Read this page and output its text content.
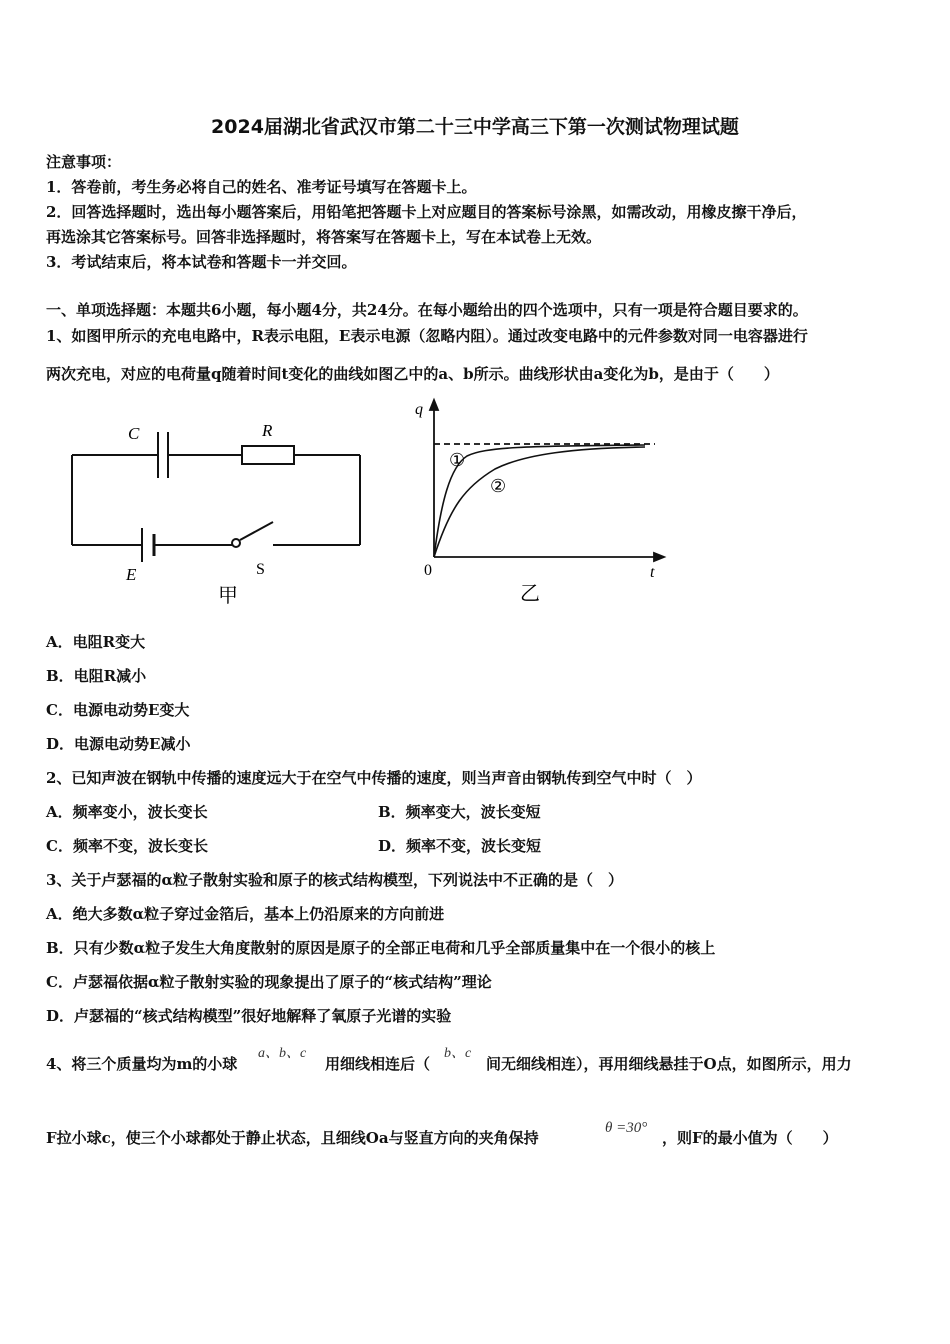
2024届湖北省武汉市第二十三中学高三下第一次测试物理试题
注意事项：
1．答卷前，考生务必将自己的姓名、准考证号填写在答题卡上。
2．回答选择题时，选出每小题答案后，用铅笔把答题卡上对应题目的答案标号涂黑，如需改动，用橡皮擦干净后，
再选涂其它答案标号。回答非选择题时，将答案写在答题卡上，写在本试卷上无效。
3．考试结束后，将本试卷和答题卡一并交回。
一、单项选择题：本题共6小题，每小题4分，共24分。在每小题给出的四个选项中，只有一项是符合题目要求的。
1、如图甲所示的充电电路中，R表示电阻，E表示电源（忽略内阻）。通过改变电路中的元件参数对同一电容器进行
两次充电，对应的电荷量q随着时间t变化的曲线如图乙中的a、b所示。曲线形状由a变化为b，是由于（　　）
C	R
E	S
甲
q
t
0
①
②
乙
A．电阻R变大
B．电阻R减小
C．电源电动势E变大
D．电源电动势E减小
2、已知声波在钢轨中传播的速度远大于在空气中传播的速度，则当声音由钢轨传到空气中时（　）
A．频率变小，波长变长	B．频率变大，波长变短
C．频率不变，波长变长	D．频率不变，波长变短
3、关于卢瑟福的α粒子散射实验和原子的核式结构模型，下列说法中不正确的是（　）
A．绝大多数α粒子穿过金箔后，基本上仍沿原来的方向前进
B．只有少数α粒子发生大角度散射的原因是原子的全部正电荷和几乎全部质量集中在一个很小的核上
C．卢瑟福依据α粒子散射实验的现象提出了原子的“核式结构”理论
D．卢瑟福的“核式结构模型”很好地解释了氧原子光谱的实验
4、将三个质量均为m的小球
a、b、c
用细线相连后（
b、c
间无细线相连），再用细线悬挂于O点，如图所示，用力
F拉小球c，使三个小球都处于静止状态，且细线Oa与竖直方向的夹角保持
θ =30°
，则F的最小值为（　　）
